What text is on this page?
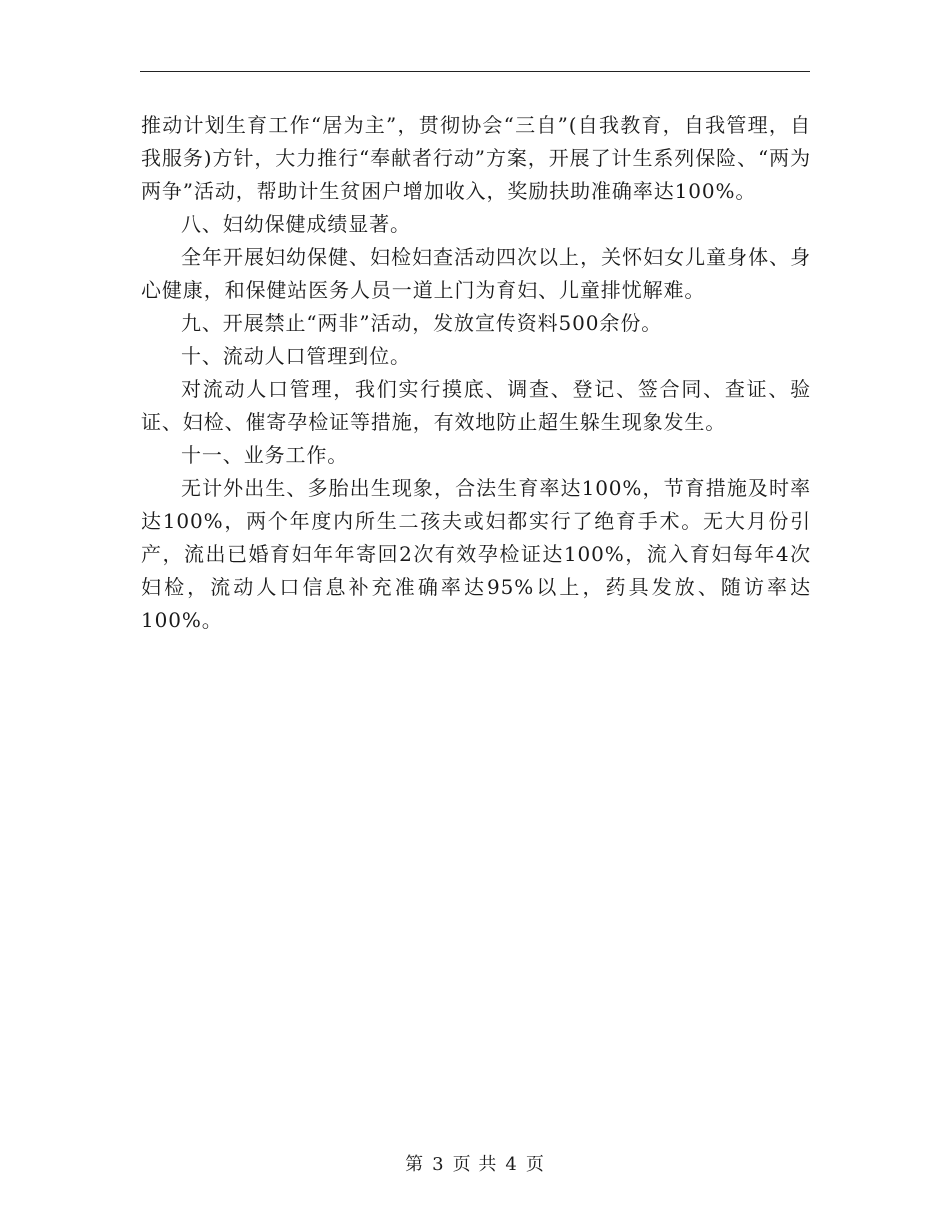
推动计划生育工作“居为主”，贯彻协会“三自”(自我教育，自我管理，自我服务)方针，大力推行“奉献者行动”方案，开展了计生系列保险、“两为两争”活动，帮助计生贫困户增加收入，奖励扶助准确率达100%。

八、妇幼保健成绩显著。

全年开展妇幼保健、妇检妇查活动四次以上，关怀妇女儿童身体、身心健康，和保健站医务人员一道上门为育妇、儿童排忧解难。

九、开展禁止“两非”活动，发放宣传资料500余份。

十、流动人口管理到位。

对流动人口管理，我们实行摸底、调查、登记、签合同、查证、验证、妇检、催寄孕检证等措施，有效地防止超生躲生现象发生。

十一、业务工作。

无计外出生、多胎出生现象，合法生育率达100%，节育措施及时率达100%，两个年度内所生二孩夫或妇都实行了绝育手术。无大月份引产，流出已婚育妇年年寄回2次有效孕检证达100%，流入育妇每年4次妇检，流动人口信息补充准确率达95%以上，药具发放、随访率达100%。

第 3 页 共 4 页
